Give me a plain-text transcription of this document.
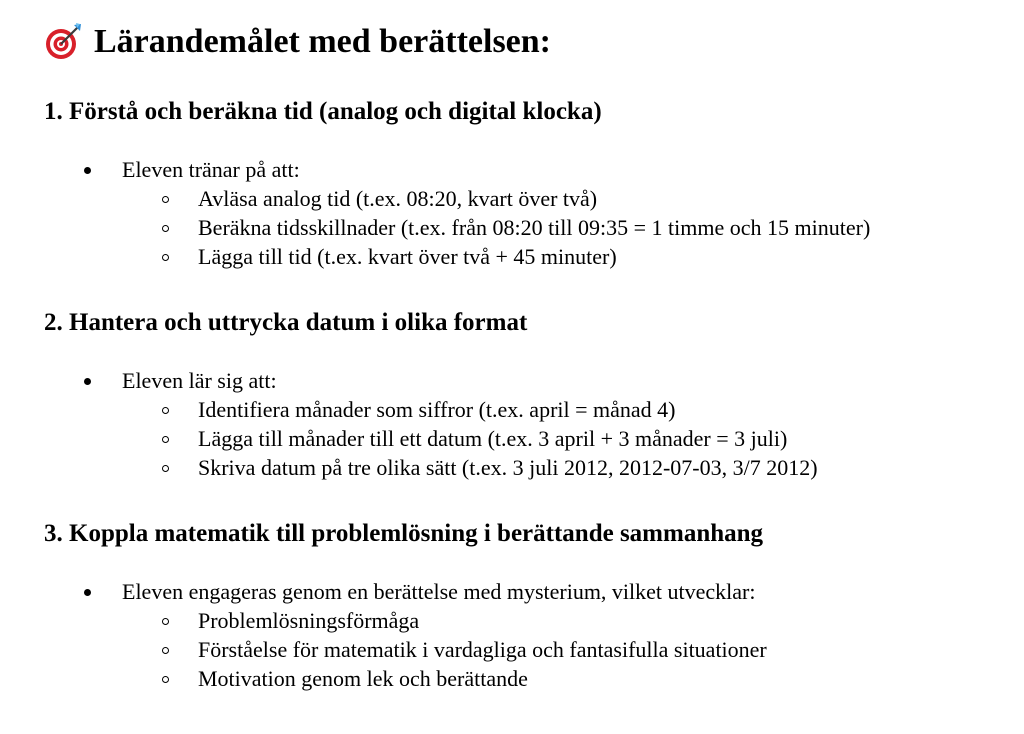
Lärandemålet med berättelsen:
1. Förstå och beräkna tid (analog och digital klocka)
Eleven tränar på att:
Avläsa analog tid (t.ex. 08:20, kvart över två)
Beräkna tidsskillnader (t.ex. från 08:20 till 09:35 = 1 timme och 15 minuter)
Lägga till tid (t.ex. kvart över två + 45 minuter)
2. Hantera och uttrycka datum i olika format
Eleven lär sig att:
Identifiera månader som siffror (t.ex. april = månad 4)
Lägga till månader till ett datum (t.ex. 3 april + 3 månader = 3 juli)
Skriva datum på tre olika sätt (t.ex. 3 juli 2012, 2012-07-03, 3/7 2012)
3. Koppla matematik till problemlösning i berättande sammanhang
Eleven engageras genom en berättelse med mysterium, vilket utvecklar:
Problemlösningsförmåga
Förståelse för matematik i vardagliga och fantasifulla situationer
Motivation genom lek och berättande
